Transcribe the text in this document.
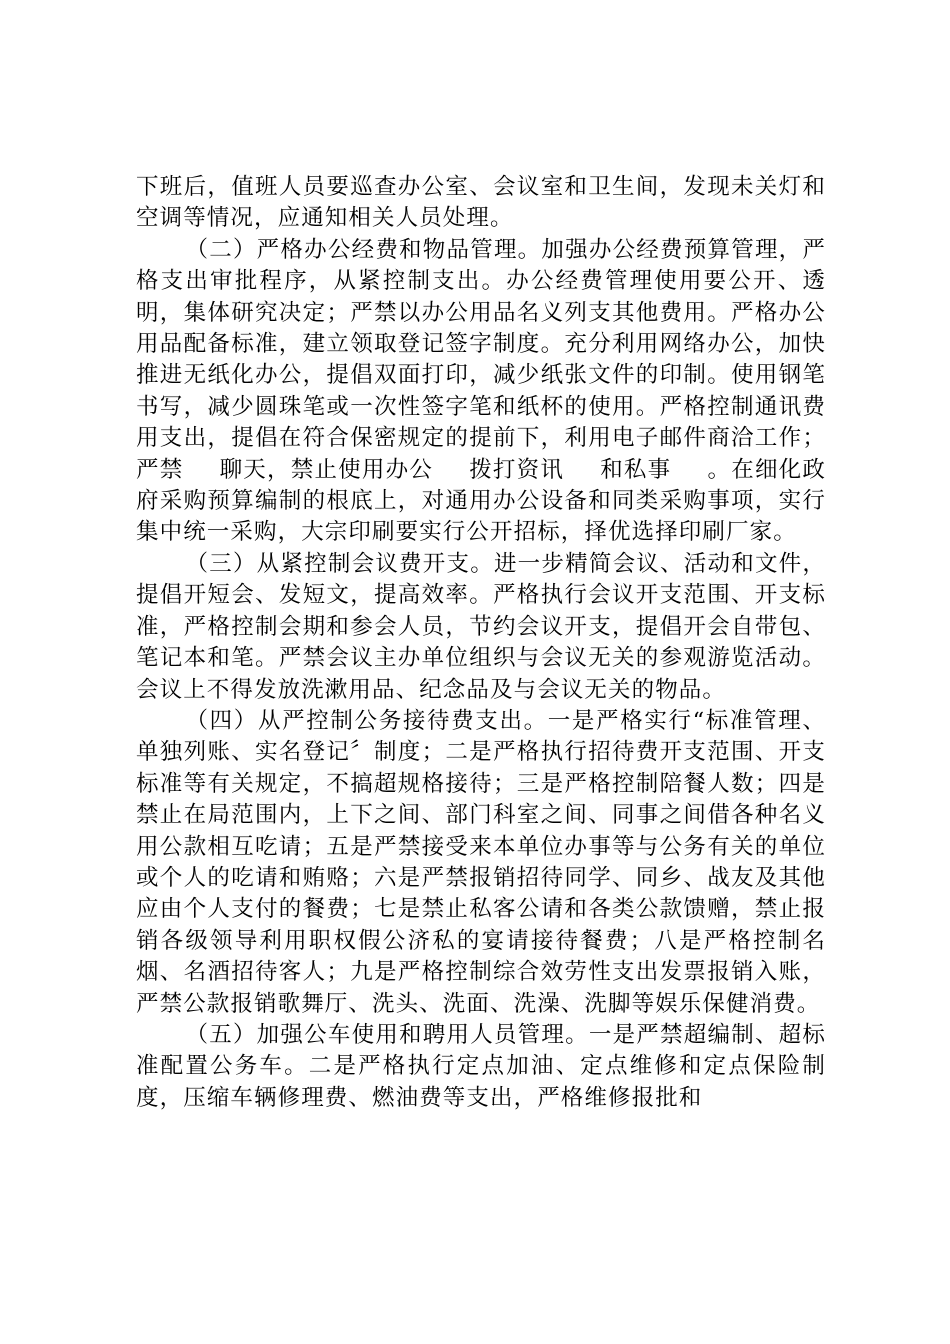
下班后，值班人员要巡查办公室、会议室和卫生间，发现未关灯和空调等情况，应通知相关人员处理。

（二）严格办公经费和物品管理。加强办公经费预算管理，严格支出审批程序，从紧控制支出。办公经费管理使用要公开、透明，集体研究决定；严禁以办公用品名义列支其他费用。严格办公用品配备标准，建立领取登记签字制度。充分利用网络办公，加快推进无纸化办公，提倡双面打印，减少纸张文件的印制。使用钢笔书写，减少圆珠笔或一次性签字笔和纸杯的使用。严格控制通讯费用支出，提倡在符合保密规定的提前下，利用电子邮件商洽工作；严禁 聊天，禁止使用办公 拨打资讯 和私事 。在细化政府采购预算编制的根底上，对通用办公设备和同类采购事项，实行集中统一采购，大宗印刷要实行公开招标，择优选择印刷厂家。

（三）从紧控制会议费开支。进一步精简会议、活动和文件，提倡开短会、发短文，提高效率。严格执行会议开支范围、开支标准，严格控制会期和参会人员，节约会议开支，提倡开会自带包、笔记本和笔。严禁会议主办单位组织与会议无关的参观游览活动。会议上不得发放洗漱用品、纪念品及与会议无关的物品。

（四）从严控制公务接待费支出。一是严格实行“标准管理、单独列账、实名登记〞制度；二是严格执行招待费开支范围、开支标准等有关规定，不搞超规格接待；三是严格控制陪餐人数；四是禁止在局范围内，上下之间、部门科室之间、同事之间借各种名义用公款相互吃请；五是严禁接受来本单位办事等与公务有关的单位或个人的吃请和贿赂；六是严禁报销招待同学、同乡、战友及其他应由个人支付的餐费；七是禁止私客公请和各类公款馈赠，禁止报销各级领导利用职权假公济私的宴请接待餐费；八是严格控制名烟、名酒招待客人；九是严格控制综合效劳性支出发票报销入账，严禁公款报销歌舞厅、洗头、洗面、洗澡、洗脚等娱乐保健消费。

（五）加强公车使用和聘用人员管理。一是严禁超编制、超标准配置公务车。二是严格执行定点加油、定点维修和定点保险制度，压缩车辆修理费、燃油费等支出，严格维修报批和
